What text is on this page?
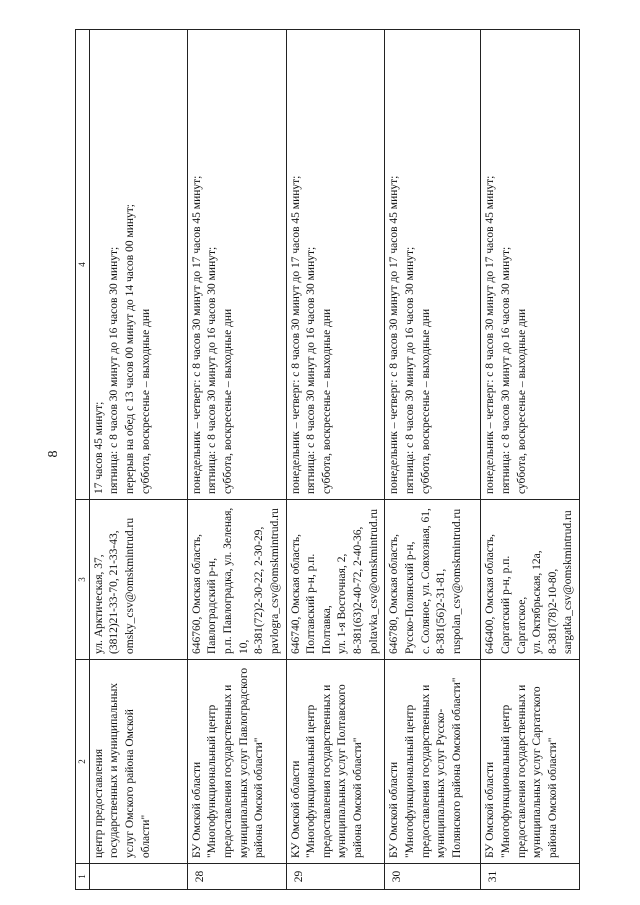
8
1	2	3	4
	центр предоставления государственных и муниципальных услуг Омского района Омской области"	ул. Арктическая, 37, (3812)21-33-70, 21-33-43, omsky_csv@omskmintrud.ru	17 часов 45 минут; пятница: с 8 часов 30 минут до 16 часов 30 минут; перерыв на обед с 13 часов 00 минут до 14 часов 00 минут; суббота, воскресенье – выходные дни

28	БУ Омской области "Многофункциональный центр предоставления государственных и муниципальных услуг Павлоградского района Омской области"	646760, Омская область, Павлоградский р-н, р.п. Павлоградка, ул. Зеленая, 10, 8-381(72)2-30-22, 2-30-29, pavlogra_csv@omskmintrud.ru	понедельник – четверг: с 8 часов 30 минут до 17 часов 45 минут; пятница: с 8 часов 30 минут до 16 часов 30 минут; суббота, воскресенье – выходные дни

29	КУ Омской области "Многофункциональный центр предоставления государственных и муниципальных услуг Полтавского района Омской области"	646740, Омская область, Полтавский р-н, р.п. Полтавка, ул. 1-я Восточная, 2, 8-381(63)2-40-72, 2-40-36, poltavka_csv@omskmintrud.ru	понедельник – четверг: с 8 часов 30 минут до 17 часов 45 минут; пятница: с 8 часов 30 минут до 16 часов 30 минут; суббота, воскресенье – выходные дни

30	БУ Омской области "Многофункциональный центр предоставления государственных и муниципальных услуг Русско-Полянского района Омской области"	646780, Омская область, Русско-Полянский р-н, с. Соляное, ул. Совхозная, 61, 8-381(56)2-31-81, ruspolan_csv@omskmintrud.ru	понедельник – четверг: с 8 часов 30 минут до 17 часов 45 минут; пятница: с 8 часов 30 минут до 16 часов 30 минут; суббота, воскресенье – выходные дни

31	БУ Омской области "Многофункциональный центр предоставления государственных и муниципальных услуг Саргатского района Омской области"	646400, Омская область, Саргатский р-н, р.п. Саргатское, ул. Октябрьская, 12а, 8-381(78)2-10-80, sargatka_csv@omskmintrud.ru	понедельник – четверг: с 8 часов 30 минут до 17 часов 45 минут; пятница: с 8 часов 30 минут до 16 часов 30 минут; суббота, воскресенье – выходные дни
